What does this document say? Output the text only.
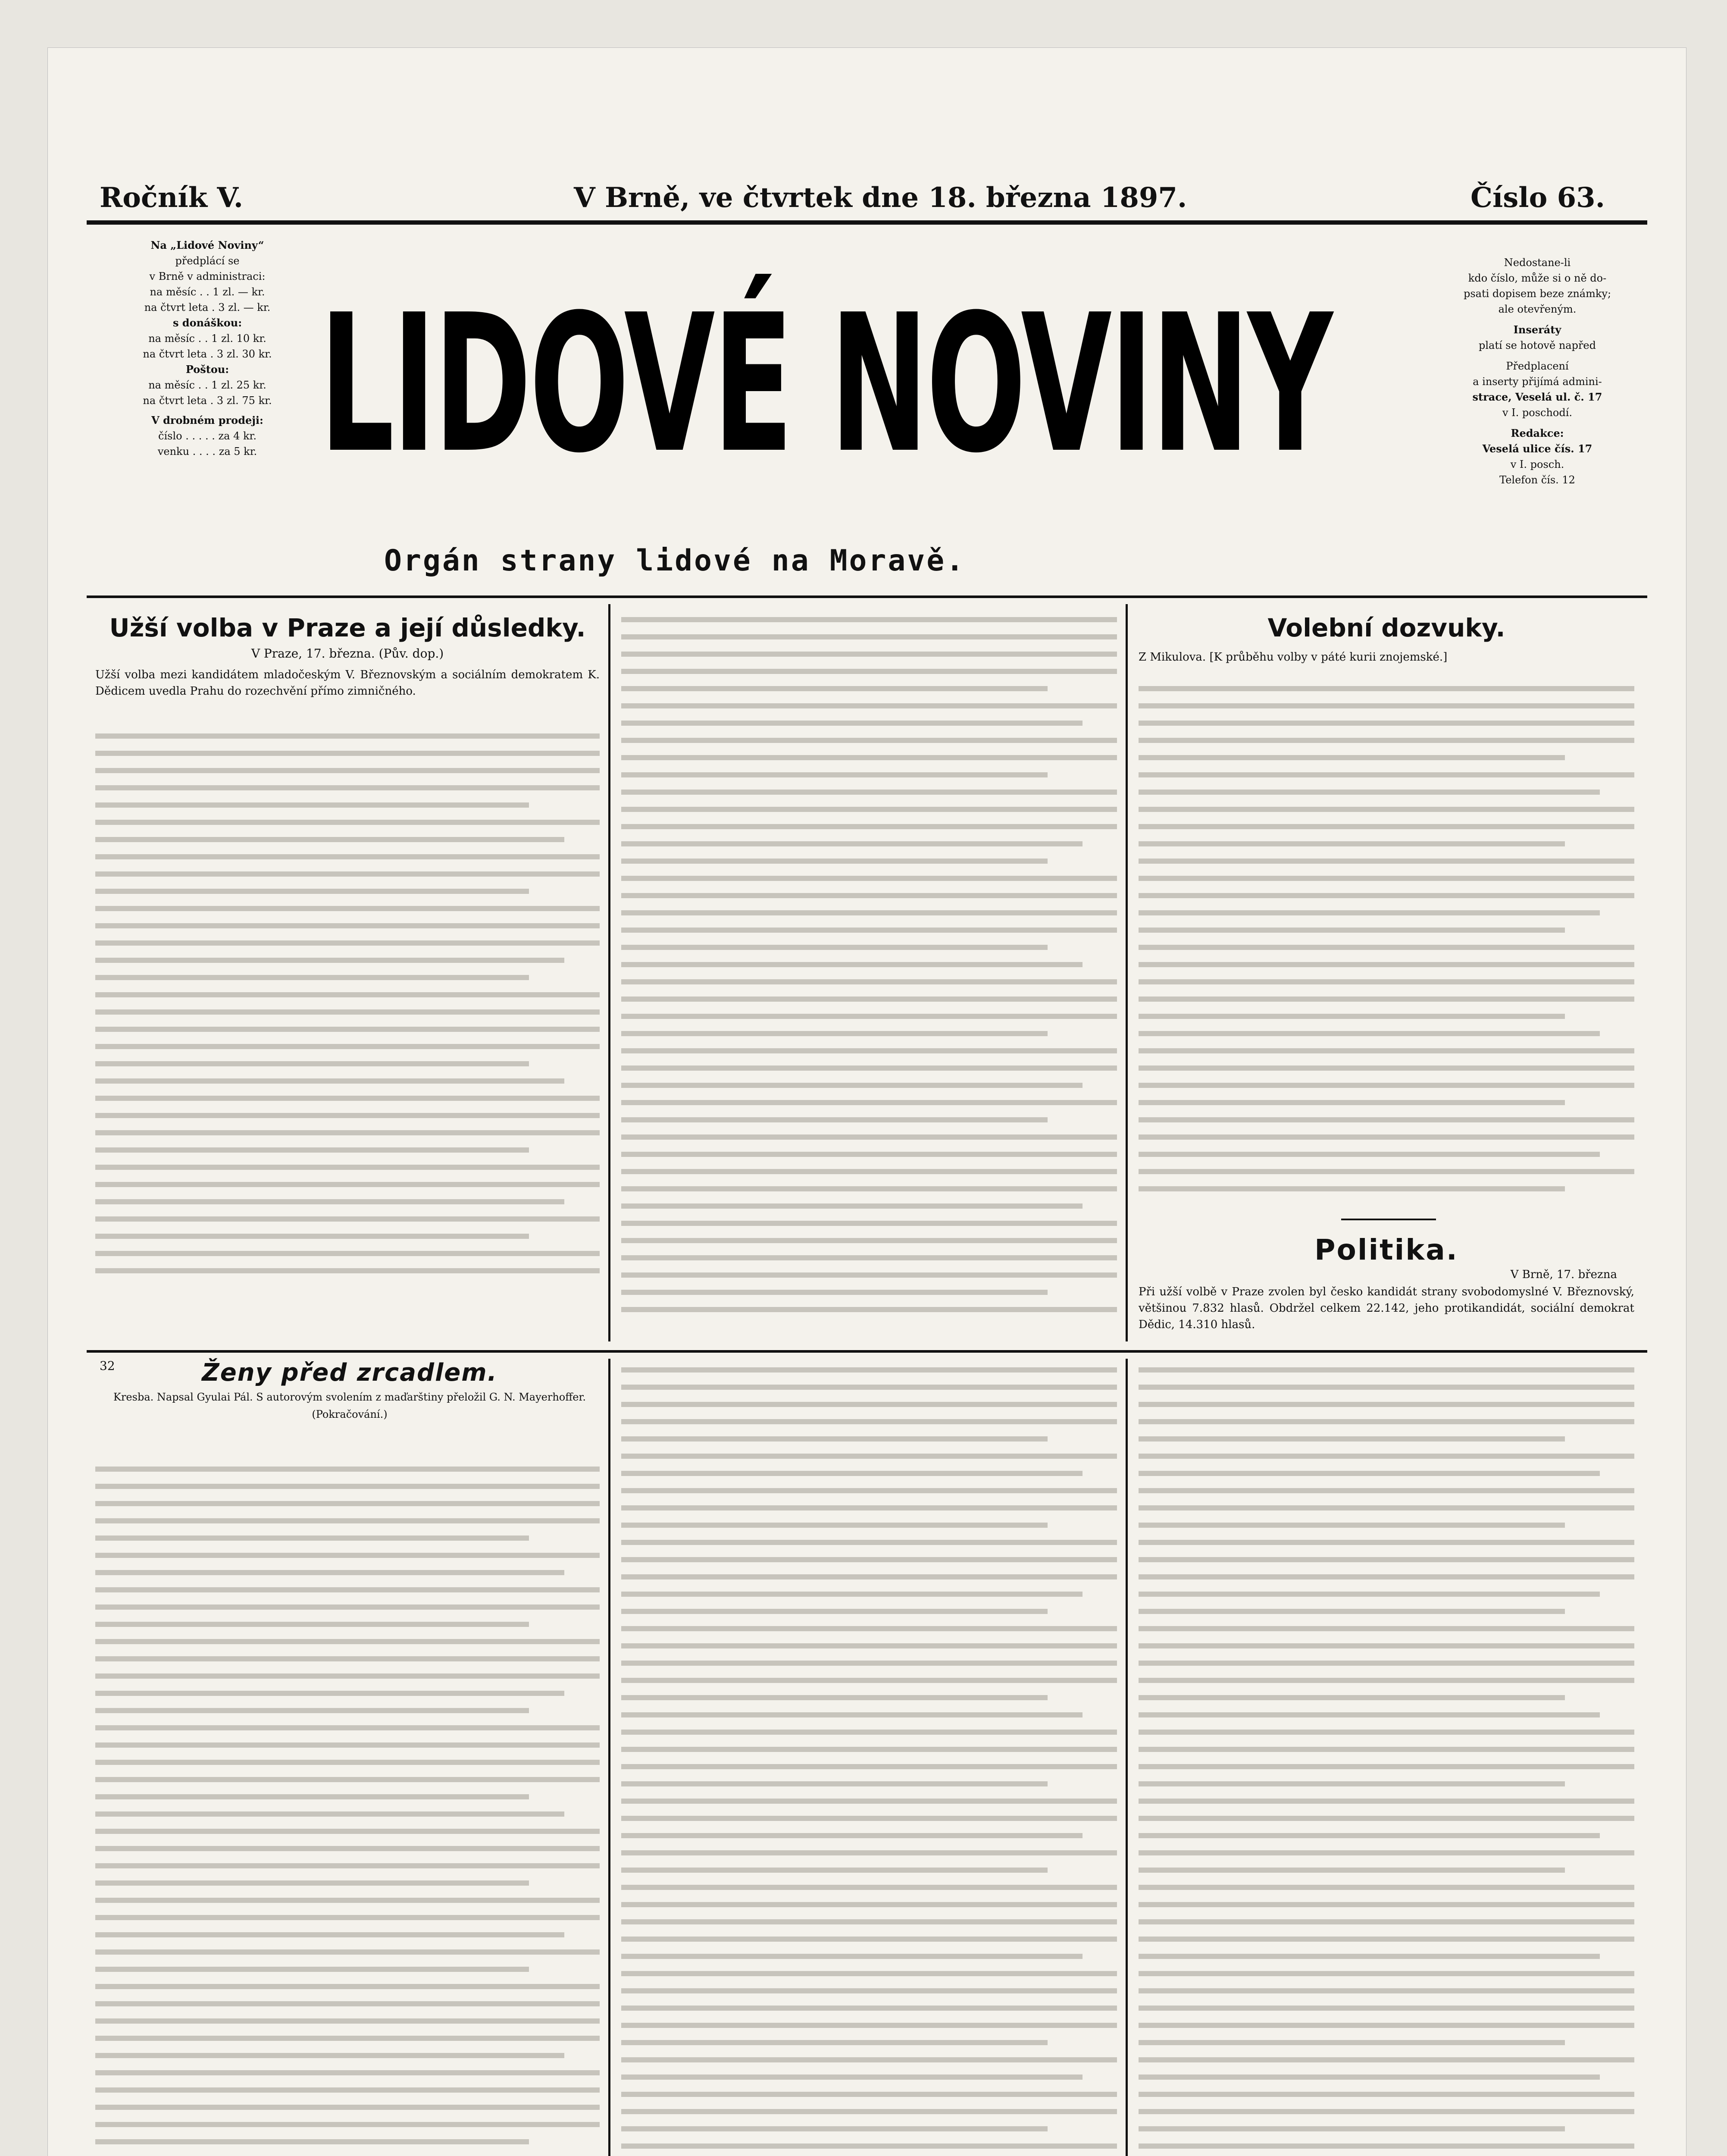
Ročník V.	V Brně, ve čtvrtek dne 18. března 1897.	Číslo 63.

Na „Lidové Noviny“

předplácí se

v Brně v administraci:

na měsíc . . 1 zl. — kr.

na čtvrt leta . 3 zl. — kr.

s donáškou:

na měsíc . . 1 zl. 10 kr.

na čtvrt leta . 3 zl. 30 kr.

Poštou:

na měsíc . . 1 zl. 25 kr.

na čtvrt leta . 3 zl. 75 kr.

V drobném prodeji:

číslo . . . . . za 4 kr.

venku . . . . za 5 kr. LIDOVÉ NOVINY
Orgán strany lidové na Moravě.

Nedostane-li

kdo číslo, může si o ně do-

psati dopisem beze známky;

ale otevřeným.

Inseráty

platí se hotově napřed

Předplacení

a inserty přijímá admini-

strace, Veselá ul. č. 17

v I. poschodí.

Redakce:

Veselá ulice čís. 17

v I. posch.

Telefon čís. 12

Užší volba v Praze a její důsledky.
V Praze, 17. března. (Pův. dop.)

Užší volba mezi kandidátem mladočeským V. Březnovským a sociálním demokratem K. Dědicem uvedla Prahu do rozechvění přímo zimničného.

Volební dozvuky.

Z Mikulova. [K průběhu volby v páté kurii znojemské.]

Politika.
V Brně, 17. března

Při užší volbě v Praze zvolen byl česko kandidát strany svobodomyslné V. Březnovský, většinou 7.832 hlasů. Obdržel celkem 22.142, jeho protikandidát, sociální demokrat Dědic, 14.310 hlasů.

32	Ženy před zrcadlem.
Kresba. Napsal Gyulai Pál. S autorovým svolením z maďarštiny přeložil G. N. Mayerhoffer.
(Pokračování.)
